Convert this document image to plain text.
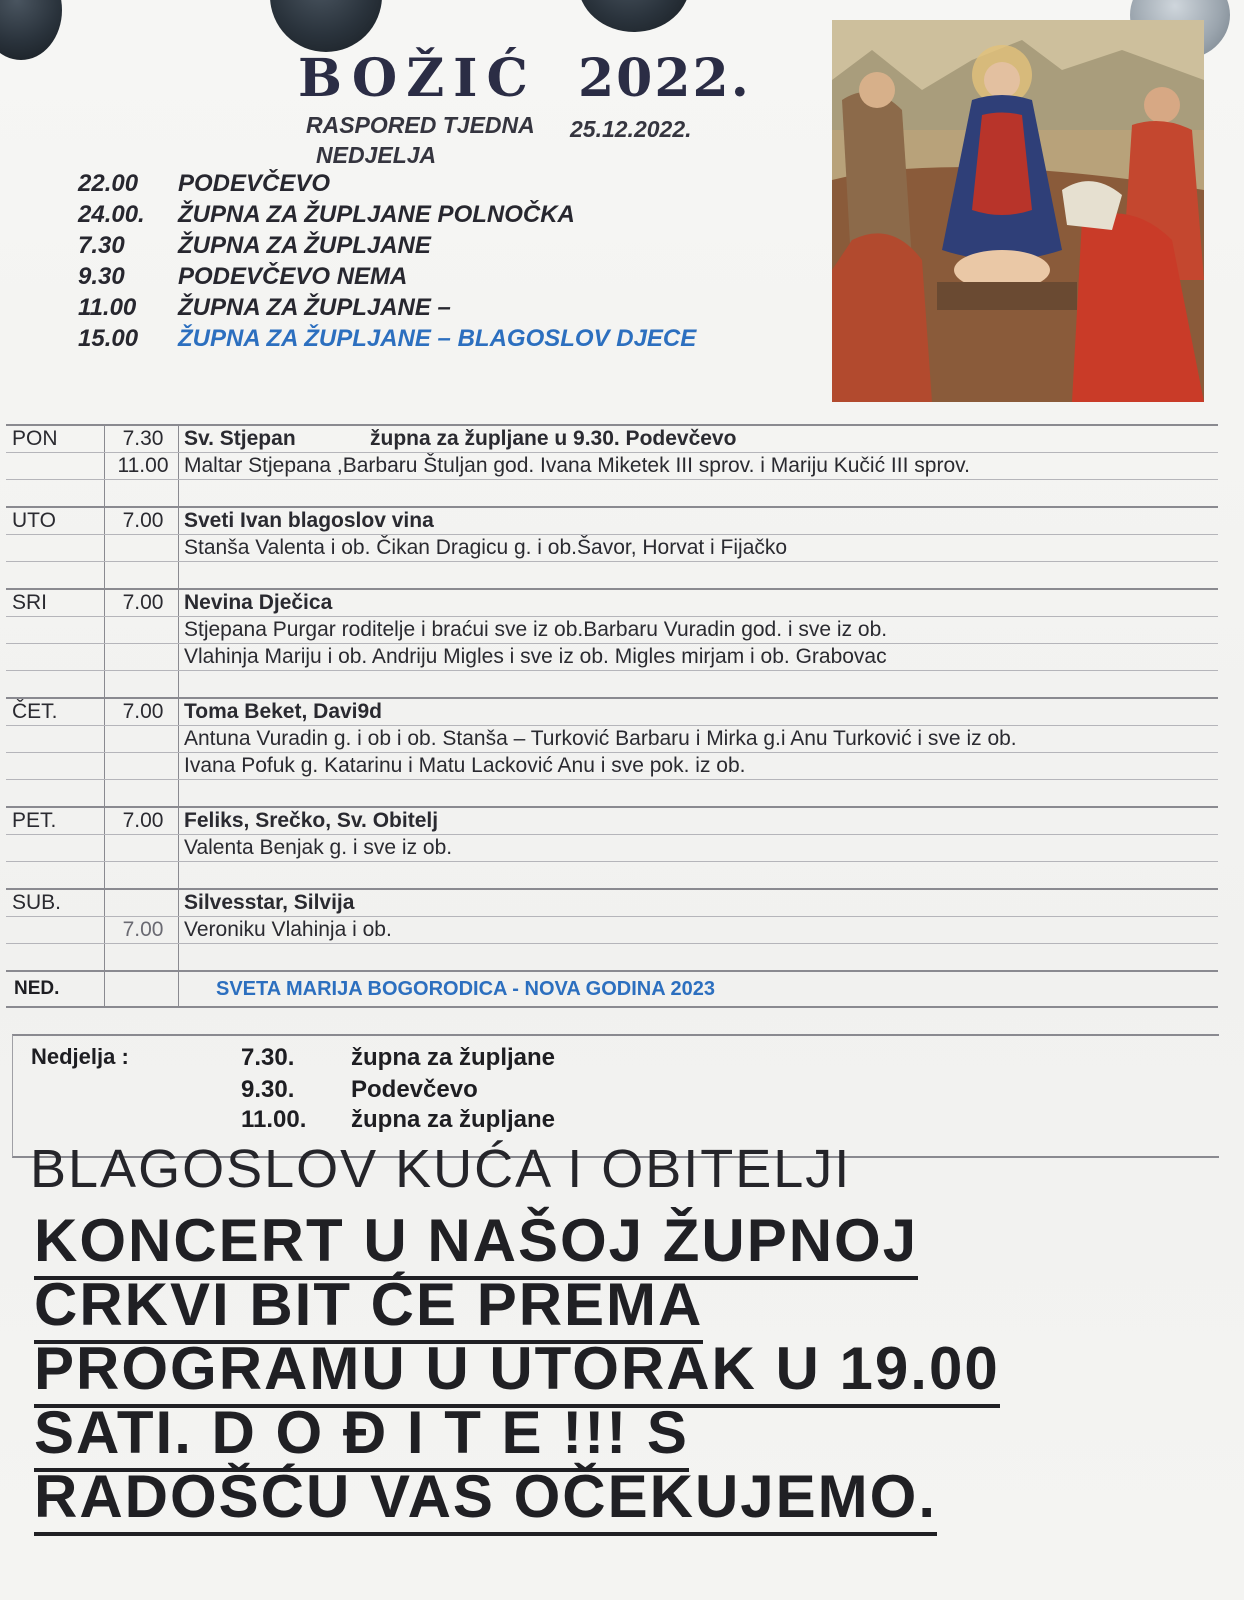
BOŽIĆ 2022.
RASPORED TJEDNA 25.12.2022.
NEDJELJA
22.00	PODEVČEVO
24.00.	ŽUPNA ZA ŽUPLJANE POLNOČKA
7.30	ŽUPNA ZA ŽUPLJANE
9.30	PODEVČEVO NEMA
11.00	ŽUPNA ZA ŽUPLJANE –
15.00	ŽUPNA ZA ŽUPLJANE – BLAGOSLOV DJECE
PON	7.30 Sv. Stjepan	župna za župljane u 9.30. Podevčevo
11.00 Maltar Stjepana ,Barbaru Štuljan god. Ivana Miketek III sprov. i Mariju Kučić III sprov.
UTO	7.00 Sveti Ivan blagoslov vina
Stanša Valenta i ob. Čikan Dragicu g. i ob.Šavor, Horvat i Fijačko
SRI	7.00 Nevina Dječica
Stjepana Purgar roditelje i braćui sve iz ob.Barbaru Vuradin god. i sve iz ob.
Vlahinja Mariju i ob. Andriju Migles i sve iz ob. Migles mirjam i ob. Grabovac
ČET.	7.00 Toma Beket, Davi9d
Antuna Vuradin g. i ob i ob. Stanša – Turković Barbaru i Mirka g.i Anu Turković i sve iz ob.
Ivana Pofuk g. Katarinu i Matu Lacković Anu i sve pok. iz ob.
PET.	7.00 Feliks, Srečko, Sv. Obitelj
Valenta Benjak g. i sve iz ob.
SUB.	Silvesstar, Silvija
7.00 Veroniku Vlahinja i ob.
NED.	SVETA MARIJA BOGORODICA - NOVA GODINA 2023
Nedjelja :	7.30.	župna za župljane
9.30.	Podevčevo
11.00.	župna za župljane
BLAGOSLOV KUĆA I OBITELJI
KONCERT U NAŠOJ ŽUPNOJ
CRKVI BIT ĆE PREMA
PROGRAMU U UTORAK U 19.00
SATI. D O Đ I T E !!! S
RADOŠĆU VAS OČEKUJEMO.
